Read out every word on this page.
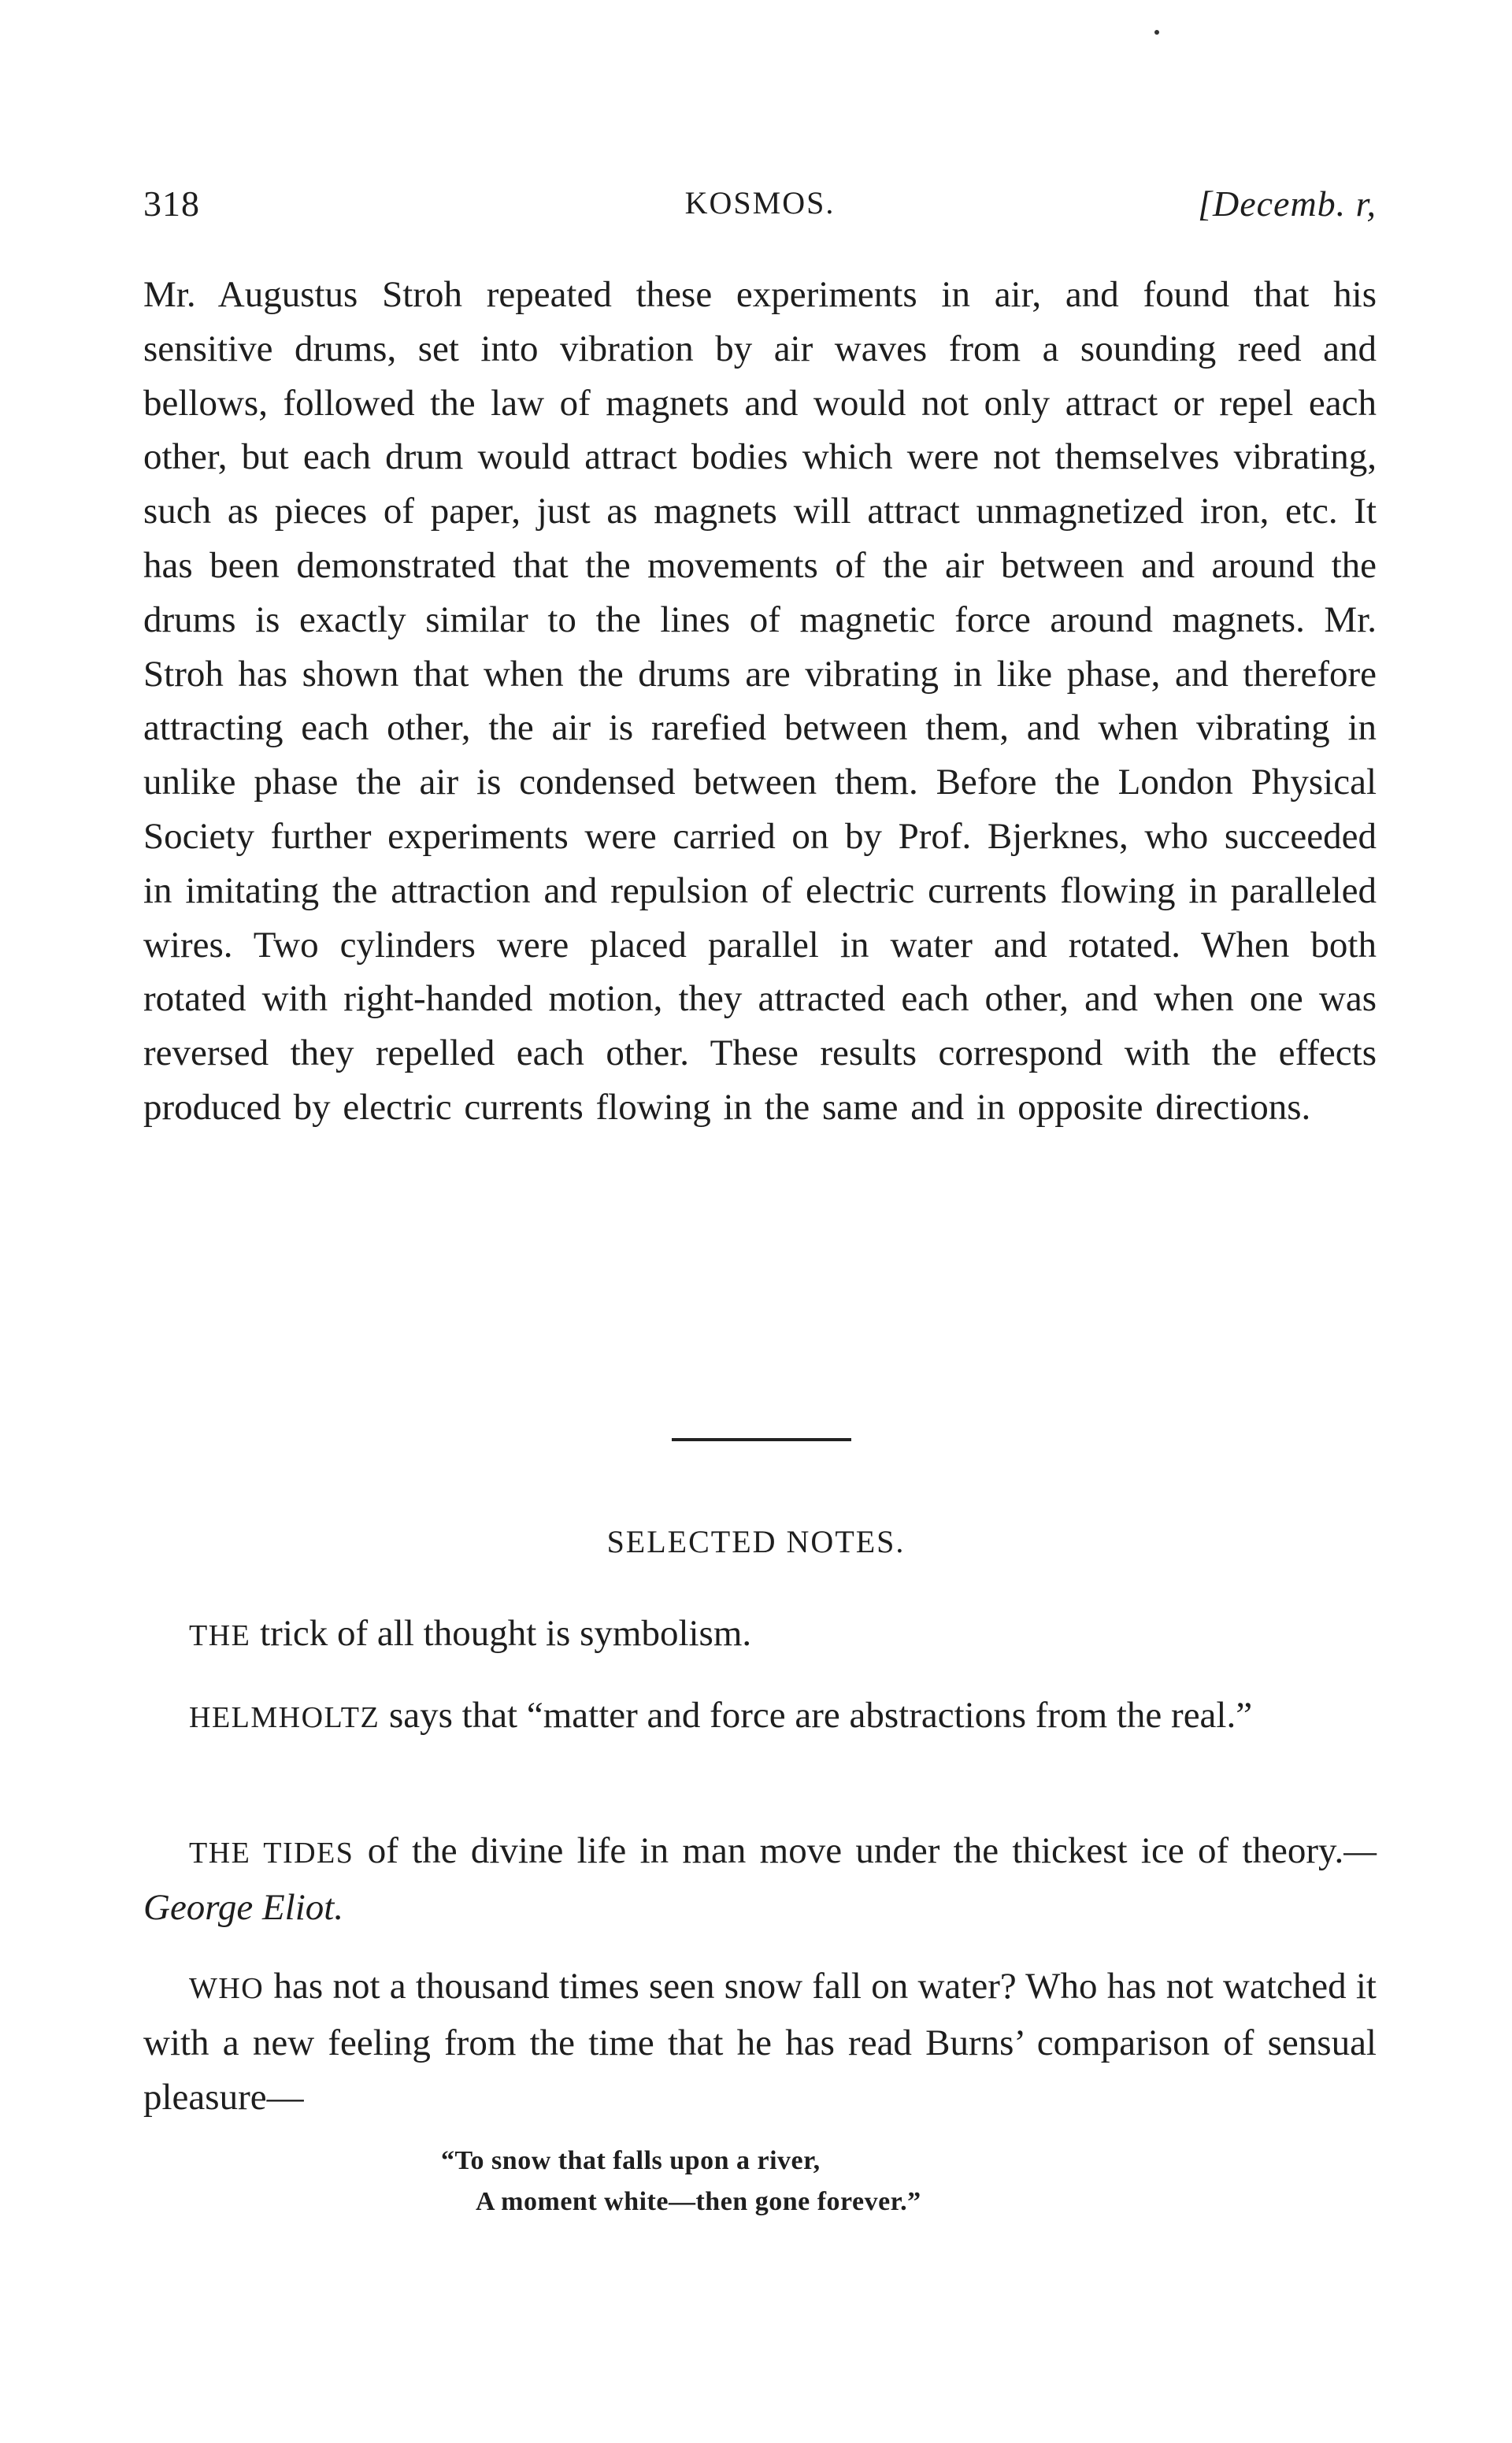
318	KOSMOS.	[Decemb. r,

Mr. Augustus Stroh repeated these experiments in air, and found that his sensitive drums, set into vibration by air waves from a sounding reed and bellows, followed the law of magnets and would not only attract or repel each other, but each drum would attract bodies which were not themselves vibrating, such as pieces of paper, just as magnets will attract unmagnetized iron, etc. It has been demonstrated that the movements of the air between and around the drums is exactly similar to the lines of magnetic force around magnets. Mr. Stroh has shown that when the drums are vibrating in like phase, and therefore attracting each other, the air is rarefied between them, and when vibrating in unlike phase the air is condensed between them. Before the London Physical Society further experiments were carried on by Prof. Bjerknes, who succeeded in imitating the attraction and repulsion of electric currents flowing in paralleled wires. Two cylinders were placed parallel in water and rotated. When both rotated with right-handed motion, they attracted each other, and when one was reversed they repelled each other. These results correspond with the effects produced by electric currents flowing in the same and in opposite directions.

SELECTED NOTES.

THE trick of all thought is symbolism.

HELMHOLTZ says that “matter and force are abstractions from the real.”

THE TIDES of the divine life in man move under the thickest ice of theory.—George Eliot.

WHO has not a thousand times seen snow fall on water? Who has not watched it with a new feeling from the time that he has read Burns’ comparison of sensual pleasure—

“To snow that falls upon a river,
A moment white—then gone forever.”
